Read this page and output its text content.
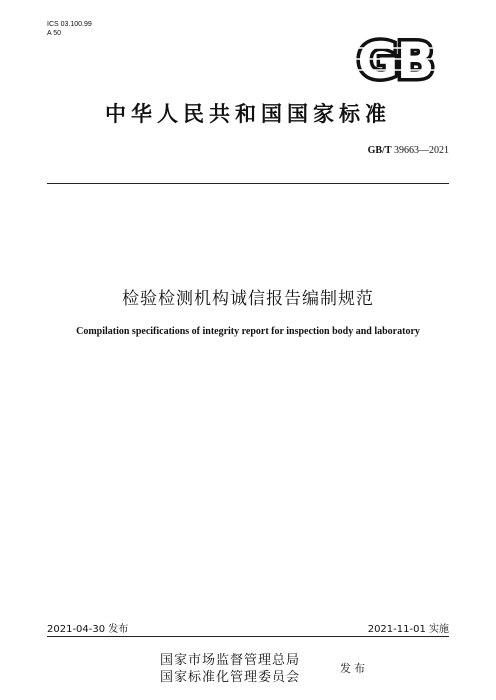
ICS 03.100.99
A 50	GB
中华人民共和国国家标准
GB/T 39663—2021
检验检测机构诚信报告编制规范
Compilation specifications of integrity report for inspection body and laboratory
2021-04-30 发布	2021-11-01 实施
国家市场监督管理总局
国家标准化管理委员会
发布
